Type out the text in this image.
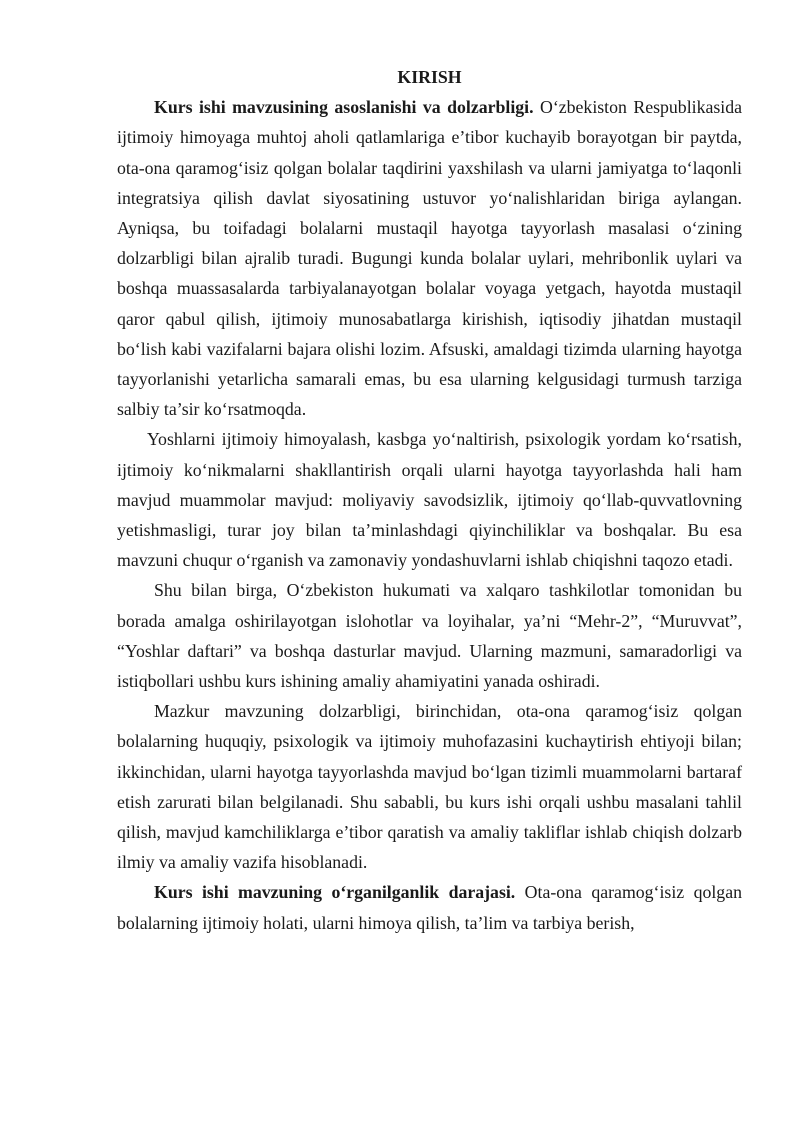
KIRISH

Kurs ishi mavzusining asoslanishi va dolzarbligi. O‘zbekiston Respublikasida ijtimoiy himoyaga muhtoj aholi qatlamlariga e’tibor kuchayib borayotgan bir paytda, ota-ona qaramog‘isiz qolgan bolalar taqdirini yaxshilash va ularni jamiyatga to‘laqonli integratsiya qilish davlat siyosatining ustuvor yo‘nalishlaridan biriga aylangan. Ayniqsa, bu toifadagi bolalarni mustaqil hayotga tayyorlash masalasi o‘zining dolzarbligi bilan ajralib turadi. Bugungi kunda bolalar uylari, mehribonlik uylari va boshqa muassasalarda tarbiyalanayotgan bolalar voyaga yetgach, hayotda mustaqil qaror qabul qilish, ijtimoiy munosabatlarga kirishish, iqtisodiy jihatdan mustaqil bo‘lish kabi vazifalarni bajara olishi lozim. Afsuski, amaldagi tizimda ularning hayotga tayyorlanishi yetarlicha samarali emas, bu esa ularning kelgusidagi turmush tarziga salbiy ta’sir ko‘rsatmoqda.

Yoshlarni ijtimoiy himoyalash, kasbga yo‘naltirish, psixologik yordam ko‘rsatish, ijtimoiy ko‘nikmalarni shakllantirish orqali ularni hayotga tayyorlashda hali ham mavjud muammolar mavjud: moliyaviy savodsizlik, ijtimoiy qo‘llab-quvvatlovning yetishmasligi, turar joy bilan ta’minlashdagi qiyinchiliklar va boshqalar. Bu esa mavzuni chuqur o‘rganish va zamonaviy yondashuvlarni ishlab chiqishni taqozo etadi.

Shu bilan birga, O‘zbekiston hukumati va xalqaro tashkilotlar tomonidan bu borada amalga oshirilayotgan islohotlar va loyihalar, ya’ni “Mehr-2”, “Muruvvat”, “Yoshlar daftari” va boshqa dasturlar mavjud. Ularning mazmuni, samaradorligi va istiqbollari ushbu kurs ishining amaliy ahamiyatini yanada oshiradi.

Mazkur mavzuning dolzarbligi, birinchidan, ota-ona qaramog‘isiz qolgan bolalarning huquqiy, psixologik va ijtimoiy muhofazasini kuchaytirish ehtiyoji bilan; ikkinchidan, ularni hayotga tayyorlashda mavjud bo‘lgan tizimli muammolarni bartaraf etish zarurati bilan belgilanadi. Shu sababli, bu kurs ishi orqali ushbu masalani tahlil qilish, mavjud kamchiliklarga e’tibor qaratish va amaliy takliflar ishlab chiqish dolzarb ilmiy va amaliy vazifa hisoblanadi.

Kurs ishi mavzuning o‘rganilganlik darajasi. Ota-ona qaramog‘isiz qolgan bolalarning ijtimoiy holati, ularni himoya qilish, ta’lim va tarbiya berish,
